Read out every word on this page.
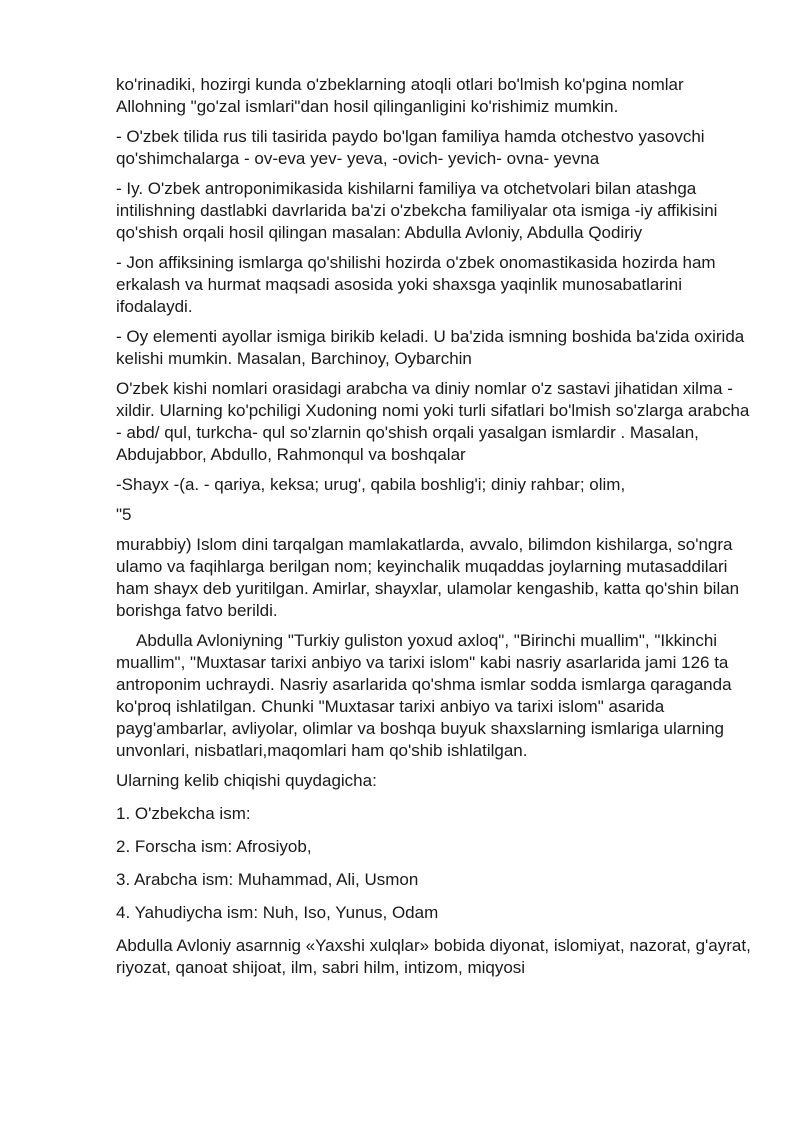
ko'rinadiki, hozirgi kunda o'zbeklarning atoqli otlari bo'lmish ko'pgina nomlar Allohning "go'zal ismlari"dan hosil qilinganligini ko'rishimiz mumkin.

- O'zbek tilida rus tili tasirida paydo bo'lgan familiya hamda otchestvo yasovchi qo'shimchalarga - ov-eva yev- yeva, -ovich- yevich- ovna- yevna

- Iy. O'zbek antroponimikasida kishilarni familiya va otchetvolari bilan atashga intilishning dastlabki davrlarida ba'zi o'zbekcha familiyalar ota ismiga -iy affikisini qo'shish orqali hosil qilingan masalan: Abdulla Avloniy, Abdulla Qodiriy

- Jon affiksining ismlarga qo'shilishi hozirda o'zbek onomastikasida hozirda ham erkalash va hurmat maqsadi asosida yoki shaxsga yaqinlik munosabatlarini ifodalaydi.

- Oy elementi ayollar ismiga birikib keladi. U ba'zida ismning boshida ba'zida oxirida kelishi mumkin. Masalan, Barchinoy, Oybarchin

O'zbek kishi nomlari orasidagi arabcha va diniy nomlar o'z sastavi jihatidan xilma -xildir. Ularning ko'pchiligi Xudoning nomi yoki turli sifatlari bo'lmish so'zlarga arabcha - abd/ qul, turkcha- qul so'zlarnin qo'shish orqali yasalgan ismlardir . Masalan, Abdujabbor, Abdullo, Rahmonqul va boshqalar

-Shayx -(a. - qariya, keksa; urug', qabila boshlig'i; diniy rahbar; olim,

"5

murabbiy) Islom dini tarqalgan mamlakatlarda, avvalo, bilimdon kishilarga, so'ngra ulamo va faqihlarga berilgan nom; keyinchalik muqaddas joylarning mutasaddilari ham shayx deb yuritilgan. Amirlar, shayxlar, ulamolar kengashib, katta qo'shin bilan borishga fatvo berildi.

Abdulla Avloniyning "Turkiy guliston yoxud axloq", "Birinchi muallim", "Ikkinchi muallim", "Muxtasar tarixi anbiyo va tarixi islom" kabi nasriy asarlarida jami 126 ta antroponim uchraydi. Nasriy asarlarida qo'shma ismlar sodda ismlarga qaraganda ko'proq ishlatilgan. Chunki "Muxtasar tarixi anbiyo va tarixi islom" asarida payg'ambarlar, avliyolar, olimlar va boshqa buyuk shaxslarning ismlariga ularning unvonlari, nisbatlari,maqomlari ham qo'shib ishlatilgan.

Ularning kelib chiqishi quydagicha:

1. O'zbekcha ism:

2. Forscha ism: Afrosiyob,

3. Arabcha ism: Muhammad, Ali, Usmon

4. Yahudiycha ism: Nuh, Iso, Yunus, Odam

Abdulla Avloniy asarnnig «Yaxshi xulqlar» bobida diyonat, islomiyat, nazorat, g'ayrat, riyozat, qanoat shijoat, ilm, sabri hilm, intizom, miqyosi
